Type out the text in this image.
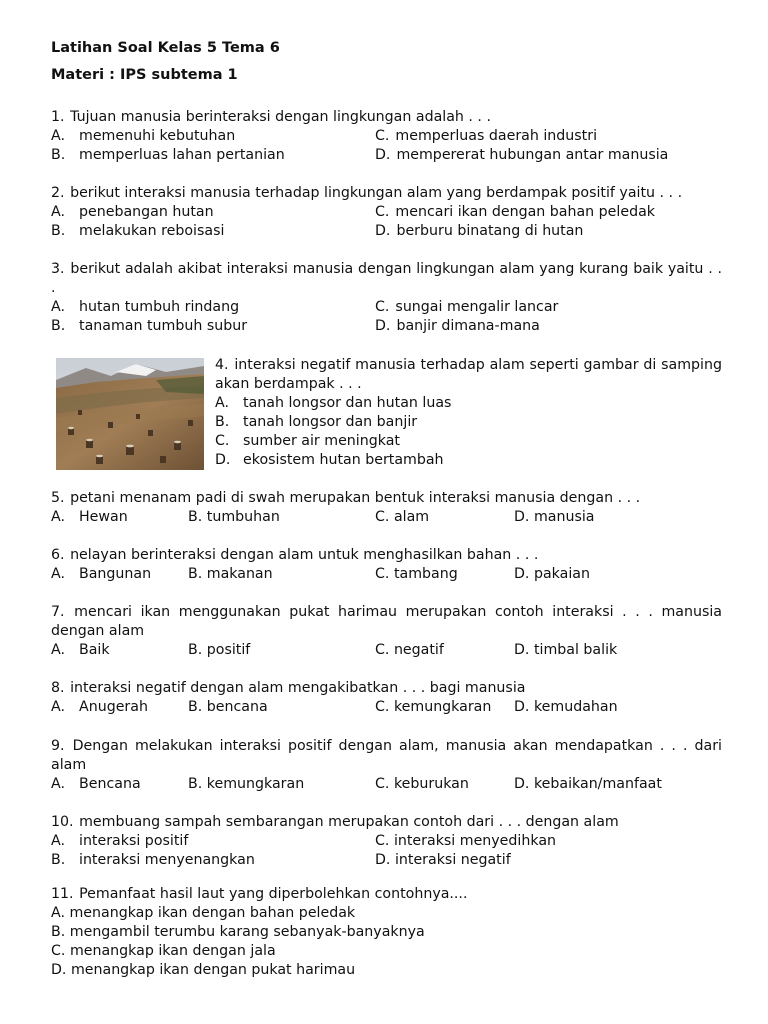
Latihan Soal Kelas 5 Tema 6
Materi : IPS subtema 1
1. Tujuan manusia berinteraksi dengan lingkungan adalah . . .
A. memenuhi kebutuhan	C. memperluas daerah industri
B. memperluas lahan pertanian	D. mempererat hubungan antar manusia
2. berikut interaksi manusia terhadap lingkungan alam yang berdampak positif yaitu . . .
A. penebangan hutan	C. mencari ikan dengan bahan peledak
B. melakukan reboisasi	D. berburu binatang di hutan
3. berikut adalah akibat interaksi manusia dengan lingkungan alam yang kurang baik yaitu . . .
A. hutan tumbuh rindang	C. sungai mengalir lancar
B. tanaman tumbuh subur	D. banjir dimana-mana
4. interaksi negatif manusia terhadap alam seperti gambar di samping akan berdampak . . .
A. tanah longsor dan hutan luas
B. tanah longsor dan banjir
C. sumber air meningkat
D. ekosistem hutan bertambah
5. petani menanam padi di swah merupakan bentuk interaksi manusia dengan . . .
A. Hewan	B. tumbuhan	C. alam	D. manusia
6. nelayan berinteraksi dengan alam untuk menghasilkan bahan . . .
A. Bangunan	B. makanan	C. tambang	D. pakaian
7. mencari ikan menggunakan pukat harimau merupakan contoh interaksi . . . manusia dengan alam
A. Baik	B. positif	C. negatif	D. timbal balik
8. interaksi negatif dengan alam mengakibatkan . . . bagi manusia
A. Anugerah	B. bencana	C. kemungkaran D. kemudahan
9. Dengan melakukan interaksi positif dengan alam, manusia akan mendapatkan . . . dari alam
A. Bencana	B. kemungkaran	C. keburukan	D. kebaikan/manfaat
10. membuang sampah sembarangan merupakan contoh dari . . . dengan alam
A. interaksi positif	C. interaksi menyedihkan
B. interaksi menyenangkan	D. interaksi negatif
11. Pemanfaat hasil laut yang diperbolehkan contohnya....
A. menangkap ikan dengan bahan peledak
B. mengambil terumbu karang sebanyak-banyaknya
C. menangkap ikan dengan jala
D. menangkap ikan dengan pukat harimau
